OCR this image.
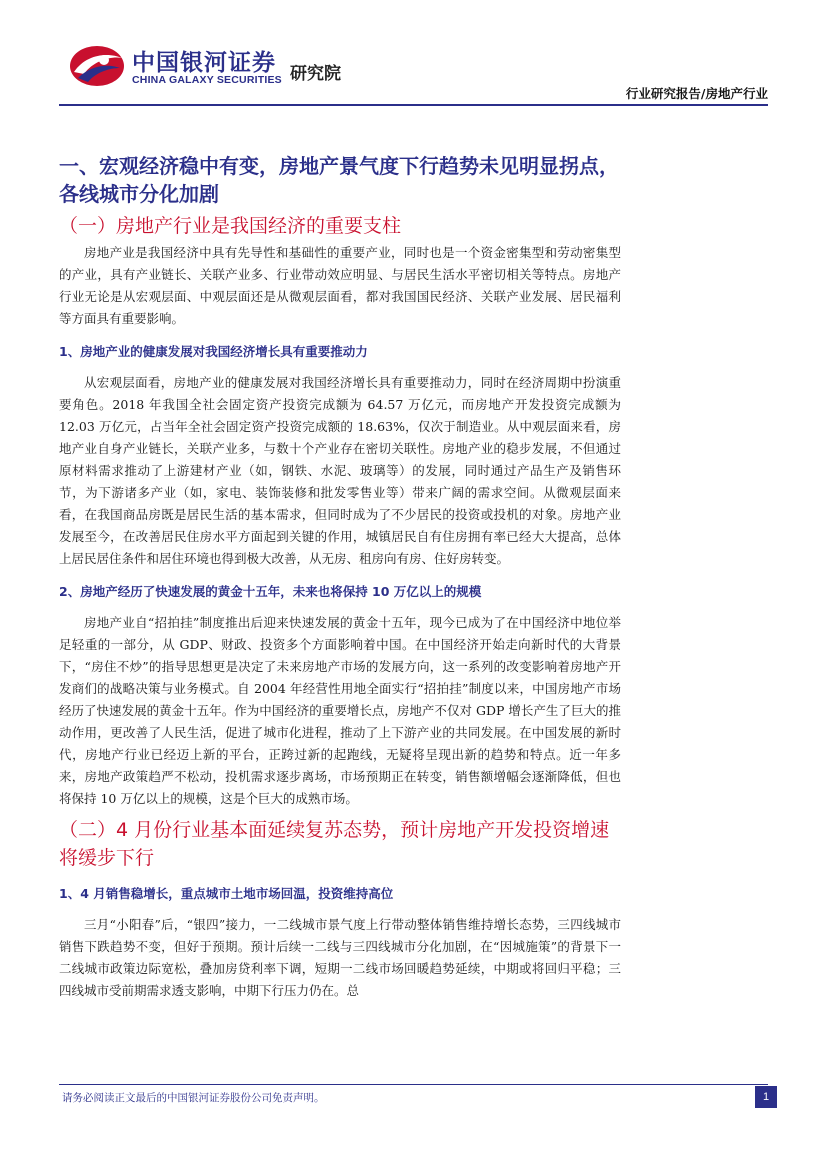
中国银河证券
CHINA GALAXY SECURITIES 研究院
行业研究报告/房地产行业
一、宏观经济稳中有变，房地产景气度下行趋势未见明显拐点，各线城市分化加剧
（一）房地产行业是我国经济的重要支柱

房地产业是我国经济中具有先导性和基础性的重要产业，同时也是一个资金密集型和劳动密集型的产业，具有产业链长、关联产业多、行业带动效应明显、与居民生活水平密切相关等特点。房地产行业无论是从宏观层面、中观层面还是从微观层面看，都对我国国民经济、关联产业发展、居民福利等方面具有重要影响。

1、房地产业的健康发展对我国经济增长具有重要推动力

从宏观层面看，房地产业的健康发展对我国经济增长具有重要推动力，同时在经济周期中扮演重要角色。2018 年我国全社会固定资产投资完成额为 64.57 万亿元，而房地产开发投资完成额为 12.03 万亿元，占当年全社会固定资产投资完成额的 18.63%，仅次于制造业。从中观层面来看，房地产业自身产业链长，关联产业多，与数十个产业存在密切关联性。房地产业的稳步发展，不但通过原材料需求推动了上游建材产业（如，钢铁、水泥、玻璃等）的发展，同时通过产品生产及销售环节，为下游诸多产业（如，家电、装饰装修和批发零售业等）带来广阔的需求空间。从微观层面来看，在我国商品房既是居民生活的基本需求，但同时成为了不少居民的投资或投机的对象。房地产业发展至今，在改善居民住房水平方面起到关键的作用，城镇居民自有住房拥有率已经大大提高，总体上居民居住条件和居住环境也得到极大改善，从无房、租房向有房、住好房转变。

2、房地产经历了快速发展的黄金十五年，未来也将保持 10 万亿以上的规模

房地产业自“招拍挂”制度推出后迎来快速发展的黄金十五年，现今已成为了在中国经济中地位举足轻重的一部分，从 GDP、财政、投资多个方面影响着中国。在中国经济开始走向新时代的大背景下，“房住不炒”的指导思想更是决定了未来房地产市场的发展方向，这一系列的改变影响着房地产开发商们的战略决策与业务模式。自 2004 年经营性用地全面实行“招拍挂”制度以来，中国房地产市场经历了快速发展的黄金十五年。作为中国经济的重要增长点，房地产不仅对 GDP 增长产生了巨大的推动作用，更改善了人民生活，促进了城市化进程，推动了上下游产业的共同发展。在中国发展的新时代，房地产行业已经迈上新的平台，正跨过新的起跑线，无疑将呈现出新的趋势和特点。近一年多来，房地产政策趋严不松动，投机需求逐步离场，市场预期正在转变，销售额增幅会逐渐降低，但也将保持 10 万亿以上的规模，这是个巨大的成熟市场。

（二）4 月份行业基本面延续复苏态势，预计房地产开发投资增速将缓步下行
1、4 月销售稳增长，重点城市土地市场回温，投资维持高位

三月“小阳春”后，“银四”接力，一二线城市景气度上行带动整体销售维持增长态势，三四线城市销售下跌趋势不变，但好于预期。预计后续一二线与三四线城市分化加剧，在“因城施策”的背景下一二线城市政策边际宽松，叠加房贷利率下调，短期一二线市场回暖趋势延续，中期或将回归平稳；三四线城市受前期需求透支影响，中期下行压力仍在。总

请务必阅读正文最后的中国银河证券股份公司免责声明。	1
